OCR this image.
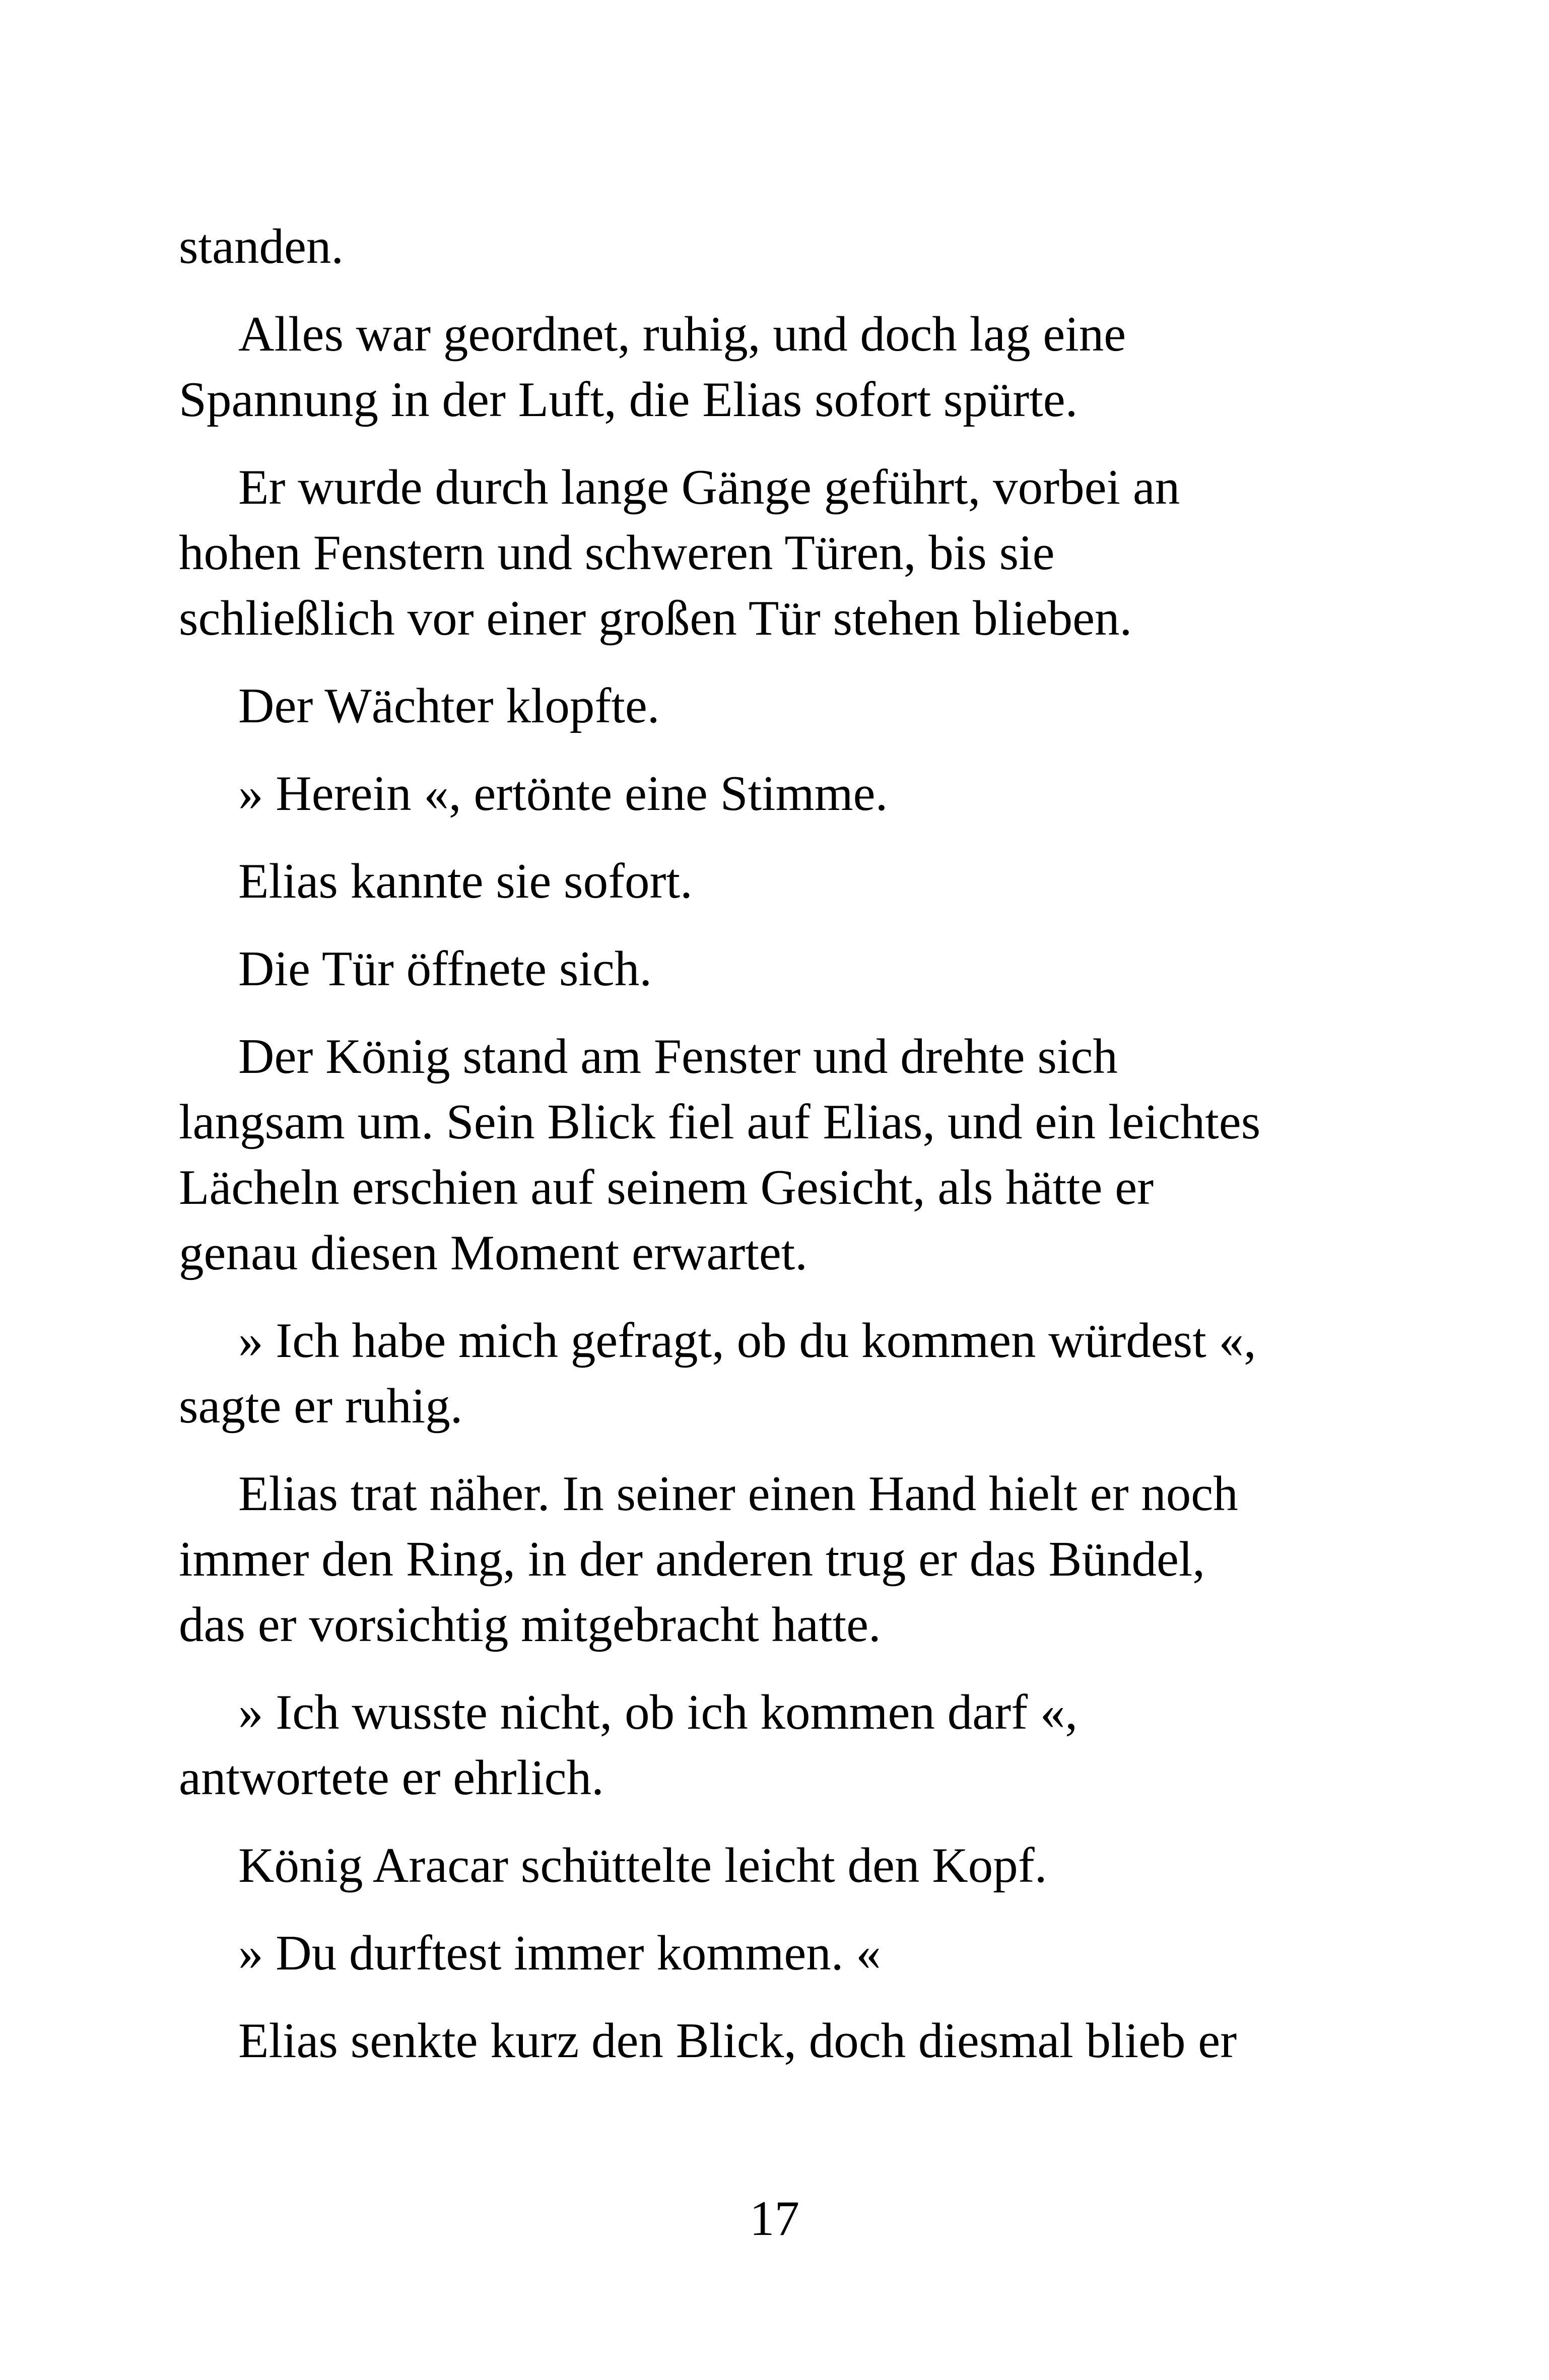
standen.

Alles war geordnet, ruhig, und doch lag eine
Spannung in der Luft, die Elias sofort spürte.

Er wurde durch lange Gänge geführt, vorbei an
hohen Fenstern und schweren Türen, bis sie
schließlich vor einer großen Tür stehen blieben.

Der Wächter klopfte.

» Herein «, ertönte eine Stimme.

Elias kannte sie sofort.

Die Tür öffnete sich.

Der König stand am Fenster und drehte sich
langsam um. Sein Blick fiel auf Elias, und ein leichtes
Lächeln erschien auf seinem Gesicht, als hätte er
genau diesen Moment erwartet.

» Ich habe mich gefragt, ob du kommen würdest «,
sagte er ruhig.

Elias trat näher. In seiner einen Hand hielt er noch
immer den Ring, in der anderen trug er das Bündel,
das er vorsichtig mitgebracht hatte.

» Ich wusste nicht, ob ich kommen darf «,
antwortete er ehrlich.

König Aracar schüttelte leicht den Kopf.

» Du durftest immer kommen. «

Elias senkte kurz den Blick, doch diesmal blieb er

17
